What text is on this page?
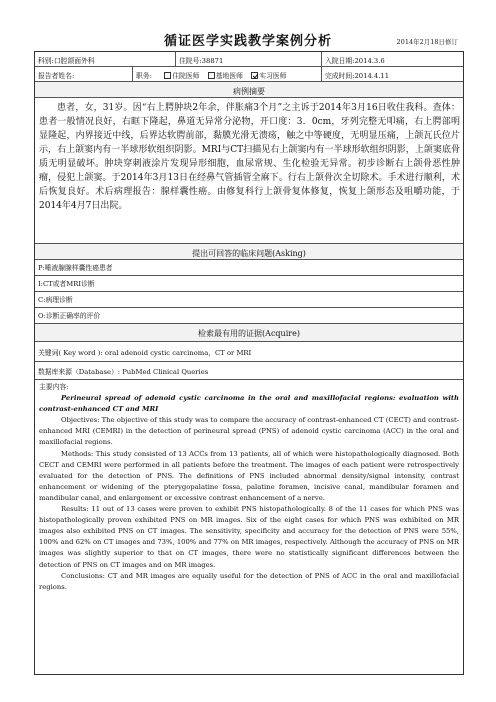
循证医学实践教学案例分析	2014年2月18日修订
科别:口腔颌面外科	住院号:38871	入院日期:2014.3.6
报告者姓名:	职务:	住院医师 基地医师 实习医师	完成时间:2014.4.11
病例摘要
患者，女，31岁。因“右上腭肿块2年余，伴胀痛3个月”之主诉于2014年3月16日收住我科。查体：患者一般情况良好，右眶下隆起，鼻道无异常分泌物，开口度：3．0cm，牙列完整无叩痛，右上腭部明显隆起，内界接近中线，后界达软腭前部，黏膜光滑无溃疡，触之中等硬度，无明显压痛，上颌瓦氏位片示，右上颌窦内有一半球形软组织阴影。MRI与CT扫描见右上颌窦内有一半球形软组织阴影，上颌窦底骨质无明显破坏。肿块穿刺液涂片发现异形细胞，血尿常规、生化检验无异常。初步诊断右上颌骨恶性肿瘤，侵犯上颌窦。于2014年3月13日在经鼻气管插管全麻下。行右上颌骨次全切除术。手术进行顺利，术后恢复良好。术后病理报告：腺样囊性癌。由修复科行上颌骨复体修复，恢复上颌形态及咀嚼功能，于2014年4月7日出院。
提出可回答的临床问题(Asking)
P:唾液腺腺样囊性癌患者
I:CT或者MRI诊断
C:病理诊断
O:诊断正确率的评价
检索最有用的证据(Acquire)
关键词( Key word ): oral adenoid cystic carcinoma，CT or MRI
数据库来源（Database）: PubMed Clinical Queries

主要内容:

Perineural spread of adenoid cystic carcinoma in the oral and maxillofacial regions: evaluation with contrast-enhanced CT and MRI

Objectives: The objective of this study was to compare the accuracy of contrast-enhanced CT (CECT) and contrast-enhanced MRI (CEMRI) in the detection of perineural spread (PNS) of adenoid cystic carcinoma (ACC) in the oral and maxillofacial regions.

Methods: This study consisted of 13 ACCs from 13 patients, all of which were histopathologically diagnosed. Both CECT and CEMRI were performed in all patients before the treatment. The images of each patient were retrospectively evaluated for the detection of PNS. The definitions of PNS included abnormal density/signal intensity, contrast enhancement or widening of the pterygopalatine fossa, palatine foramen, incisive canal, mandibular foramen and mandibular canal, and enlargement or excessive contrast enhancement of a nerve.

Results: 11 out of 13 cases were proven to exhibit PNS histopathologically. 8 of the 11 cases for which PNS was histopathologically proven exhibited PNS on MR images. Six of the eight cases for which PNS was exhibited on MR images also exhibited PNS on CT images. The sensitivity, specificity and accuracy for the detection of PNS were 55%, 100% and 62% on CT images and 73%, 100% and 77% on MR images, respectively. Although the accuracy of PNS on MR images was slightly superior to that on CT images, there were no statistically significant differences between the detection of PNS on CT images and on MR images.

Conclusions: CT and MR images are equally useful for the detection of PNS of ACC in the oral and maxillofacial regions.
